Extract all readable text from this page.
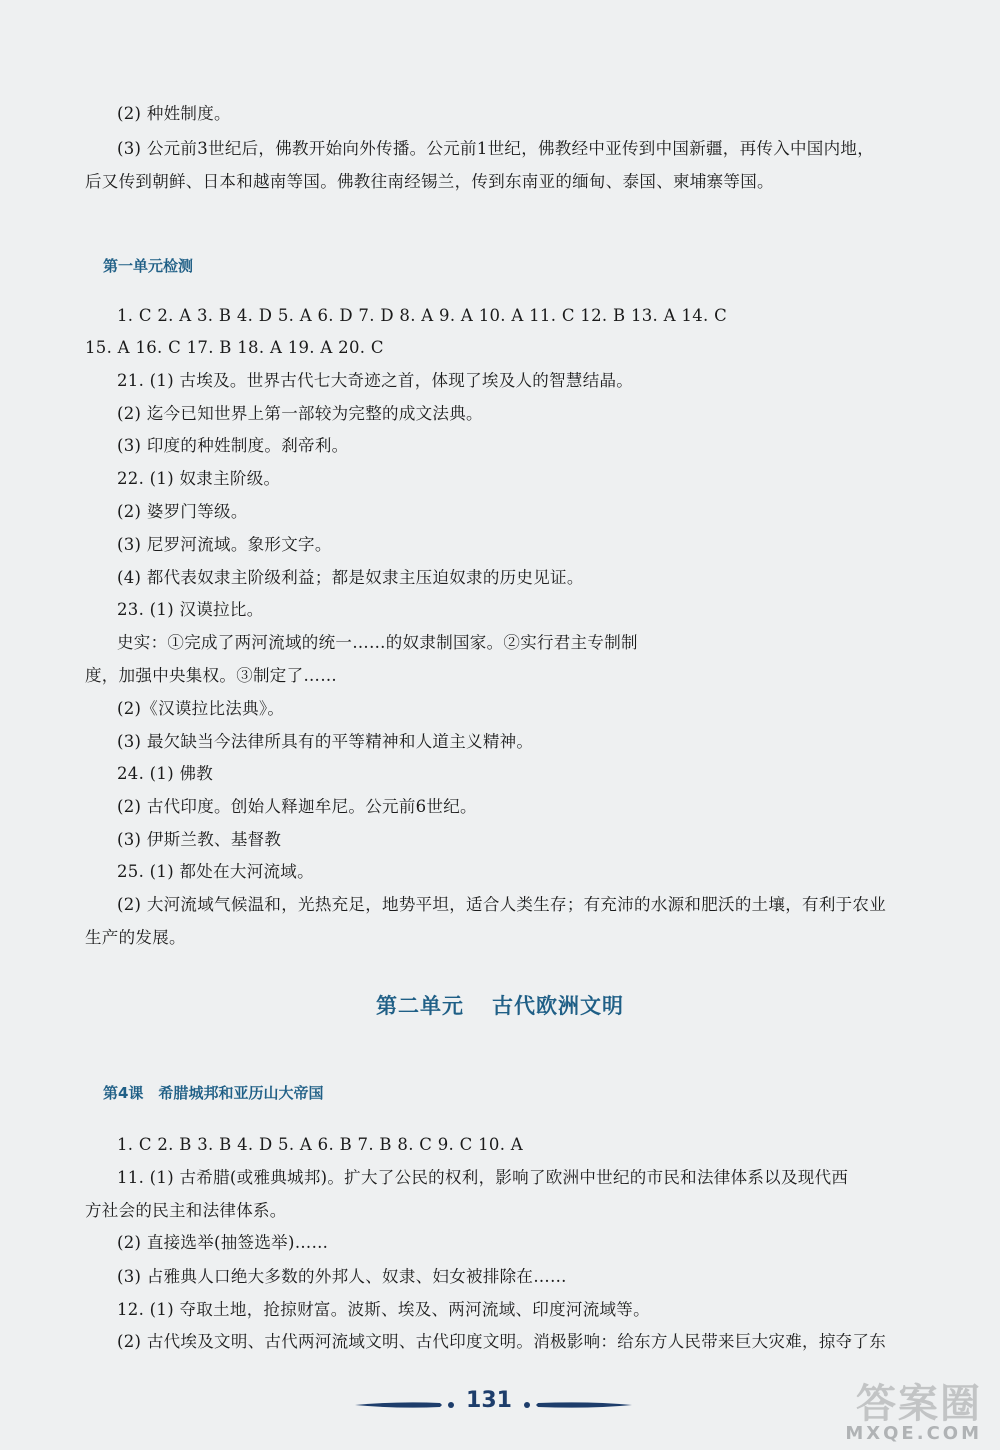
(2) 种姓制度。
(3) 公元前3世纪后，佛教开始向外传播。公元前1世纪，佛教经中亚传到中国新疆，再传入中国内地，
后又传到朝鲜、日本和越南等国。佛教往南经锡兰，传到东南亚的缅甸、泰国、柬埔寨等国。
第一单元检测
1. C 2. A 3. B 4. D 5. A 6. D 7. D 8. A 9. A 10. A 11. C 12. B 13. A 14. C
15. A 16. C 17. B 18. A 19. A 20. C
21. (1) 古埃及。世界古代七大奇迹之首，体现了埃及人的智慧结晶。
(2) 迄今已知世界上第一部较为完整的成文法典。
(3) 印度的种姓制度。刹帝利。
22. (1) 奴隶主阶级。
(2) 婆罗门等级。
(3) 尼罗河流域。象形文字。
(4) 都代表奴隶主阶级利益；都是奴隶主压迫奴隶的历史见证。
23. (1) 汉谟拉比。
史实：①完成了两河流域的统一……的奴隶制国家。②实行君主专制制
度，加强中央集权。③制定了……
(2)《汉谟拉比法典》。
(3) 最欠缺当今法律所具有的平等精神和人道主义精神。
24. (1) 佛教
(2) 古代印度。创始人释迦牟尼。公元前6世纪。
(3) 伊斯兰教、基督教
25. (1) 都处在大河流域。
(2) 大河流域气候温和，光热充足，地势平坦，适合人类生存；有充沛的水源和肥沃的土壤，有利于农业
生产的发展。
第二单元 古代欧洲文明
第4课　希腊城邦和亚历山大帝国
1. C 2. B 3. B 4. D 5. A 6. B 7. B 8. C 9. C 10. A
11. (1) 古希腊(或雅典城邦)。扩大了公民的权利，影响了欧洲中世纪的市民和法律体系以及现代西
方社会的民主和法律体系。
(2) 直接选举(抽签选举)……
(3) 占雅典人口绝大多数的外邦人、奴隶、妇女被排除在……
12. (1) 夺取土地，抢掠财富。波斯、埃及、两河流域、印度河流域等。
(2) 古代埃及文明、古代两河流域文明、古代印度文明。消极影响：给东方人民带来巨大灾难，掠夺了东
131	答案圈
MXQE.COM
